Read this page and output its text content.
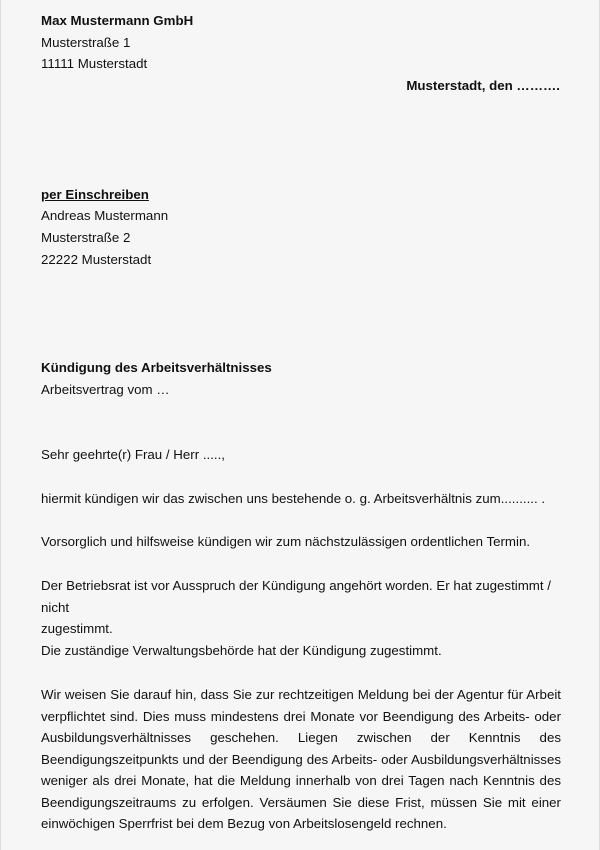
Max Mustermann GmbH
Musterstraße 1
11111 Musterstadt
Musterstadt, den ……….
per Einschreiben
Andreas Mustermann
Musterstraße 2
22222 Musterstadt
Kündigung des Arbeitsverhältnisses
Arbeitsvertrag vom …
Sehr geehrte(r) Frau / Herr .....,
hiermit kündigen wir das zwischen uns bestehende o. g. Arbeitsverhältnis zum.......... .
Vorsorglich und hilfsweise kündigen wir zum nächstzulässigen ordentlichen Termin.
Der Betriebsrat ist vor Ausspruch der Kündigung angehört worden. Er hat zugestimmt / nicht
zugestimmt.
Die zuständige Verwaltungsbehörde hat der Kündigung zugestimmt.
Wir weisen Sie darauf hin, dass Sie zur rechtzeitigen Meldung bei der Agentur für Arbeit
verpflichtet sind. Dies muss mindestens drei Monate vor Beendigung des Arbeits- oder
Ausbildungsverhältnisses geschehen. Liegen zwischen der Kenntnis des
Beendigungszeitpunkts und der Beendigung des Arbeits- oder Ausbildungsverhältnisses
weniger als drei Monate, hat die Meldung innerhalb von drei Tagen nach Kenntnis des
Beendigungszeitraums zu erfolgen. Versäumen Sie diese Frist, müssen Sie mit einer
einwöchigen Sperrfrist bei dem Bezug von Arbeitslosengeld rechnen.
